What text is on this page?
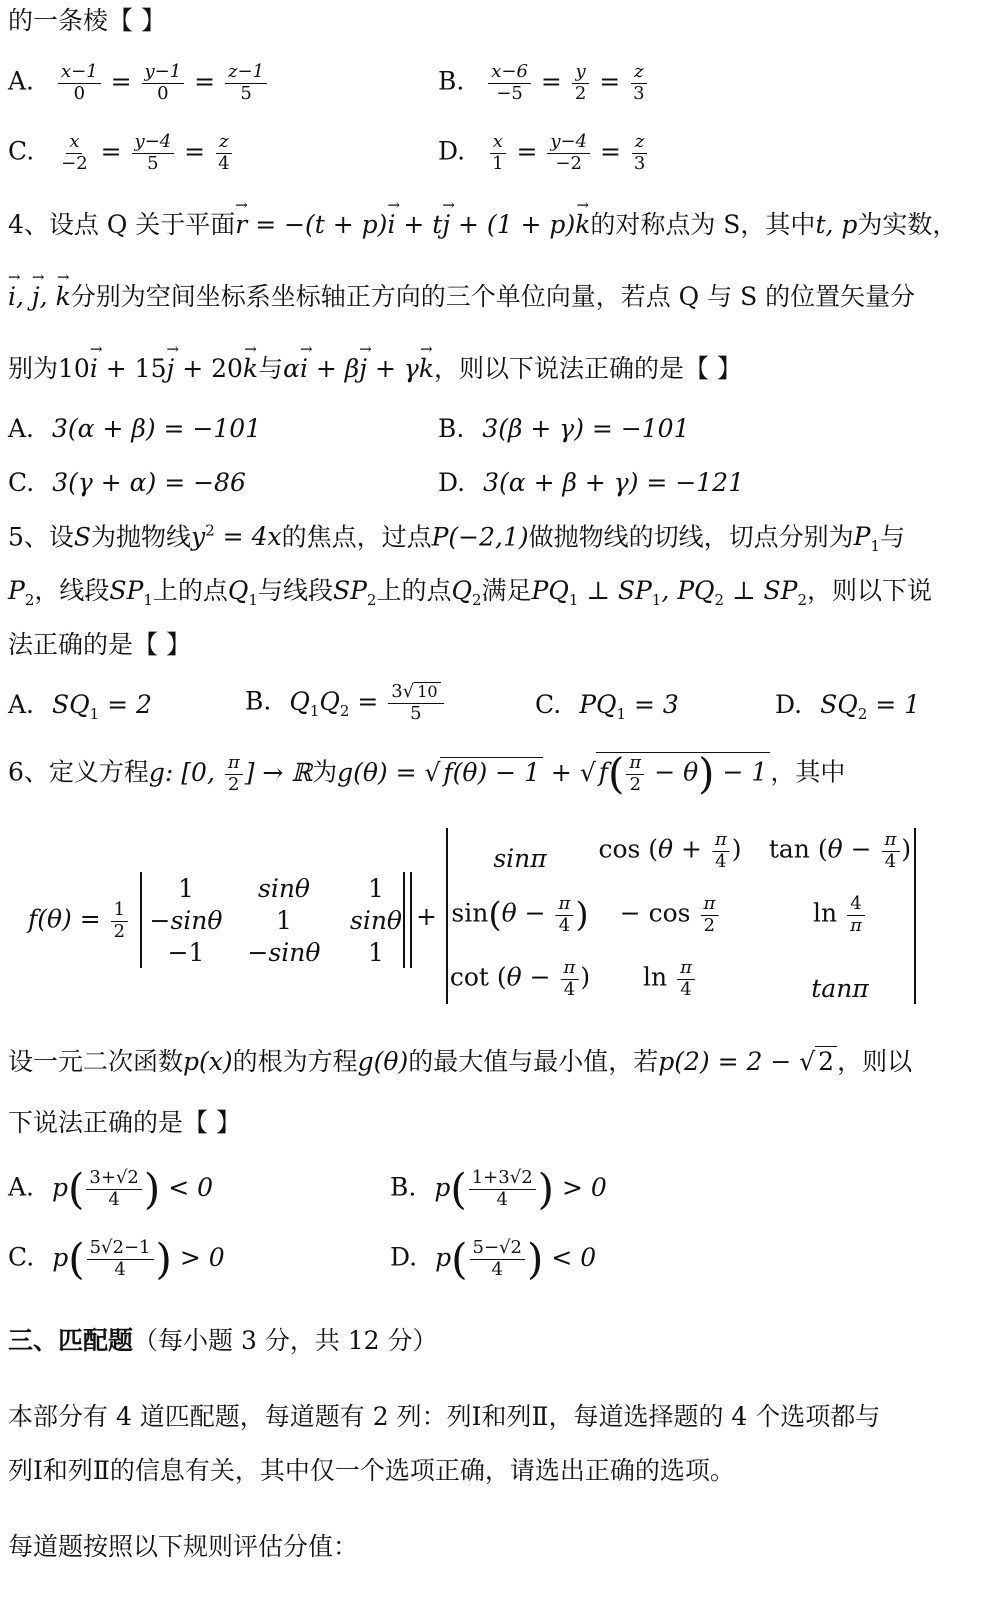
的一条棱【 】
A. $\frac{x-1}{0} = \frac{y-1}{0} = \frac{z-1}{5}$	B. $\frac{x-6}{-5} = \frac{y}{2} = \frac{z}{3}$
C. $\frac{x}{-2} = \frac{y-4}{5} = \frac{z}{4}$	D. $\frac{x}{1} = \frac{y-4}{-2} = \frac{z}{3}$
4、设点 Q 关于平面→ r = −(t + p)→ i + t→ j + (1 + p)→ k的对称点为 S，其中t, p为实数，
→ i, → j, → k分别为空间坐标系坐标轴正方向的三个单位向量，若点 Q 与 S 的位置矢量分
别为10→ i + 15→ j + 20→ k与α→ i + β→ j + γ→ k，则以下说法正确的是【 】
A. 3(α + β) = −101	B. 3(β + γ) = −101
C. 3(γ + α) = −86	D. 3(α + β + γ) = −121
5、设S为抛物线$y^2 = 4x$的焦点，过点P(−2,1)做抛物线的切线，切点分别为$P_1$与
$P_2$，线段$SP_1$上的点$Q_1$与线段$SP_2$上的点$Q_2$满足$PQ_1$ ⊥ $SP_1$, $PQ_2$ ⊥ $SP_2$，则以下说
法正确的是【 】
A. $SQ_1 = 2$	B. $Q_1Q_2 = \frac{3√ 10}{5}$	C. $PQ_1 = 3$	D. $SQ_2 = 1$
6、定义方程g: [0, $\frac{\pi}{2}$ ] → ℝ为g(θ) = √ f(θ) − 1 + √ $f( \frac{\pi}{2} - \theta) - 1$ ，其中
$f(\theta) = \frac{1}{2}$
1	sinθ 1
−sinθ 1 sinθ
−1 −sinθ 1
+
sinπ $\cos (\theta + \frac{\pi}{4}$ ) $\tan (\theta - \frac{\pi}{4}$ )
$\sin(\theta - \frac{\pi}{4}$ ) − $\cos \frac{\pi}{2}$	$\ln \frac{4}{\pi}$
$\cot (\theta - \frac{\pi}{4}$ ) $\ln \frac{\pi}{4}$	tanπ
设一元二次函数p(x)的根为方程g(θ)的最大值与最小值，若p(2) = 2 − √ 2 ，则以
下说法正确的是【 】
A. $p( \frac{3+√2}{4}$ ) < 0	B. $p( \frac{1+3√2}{4}$ ) > 0
C. $p( \frac{5√2-1}{4}$ ) > 0	D. $p( \frac{5-√2}{4}$ ) < 0
三、匹配题（每小题 3 分，共 12 分）
本部分有 4 道匹配题，每道题有 2 列：列Ⅰ和列Ⅱ，每道选择题的 4 个选项都与
列Ⅰ和列Ⅱ的信息有关，其中仅一个选项正确，请选出正确的选项。
每道题按照以下规则评估分值：
